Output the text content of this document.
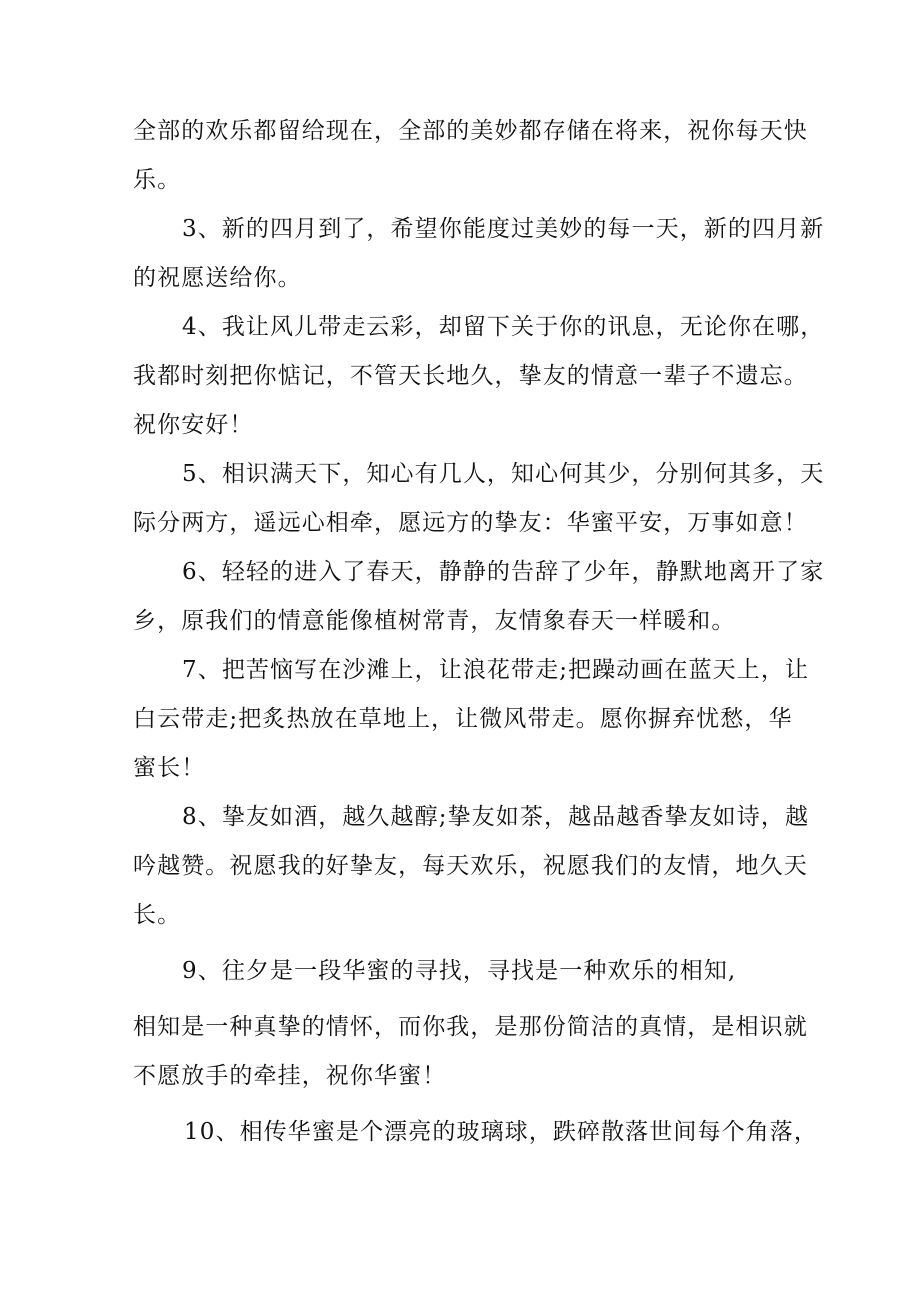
全部的欢乐都留给现在，全部的美妙都存储在将来，祝你每天快
乐。
3、新的四月到了，希望你能度过美妙的每一天，新的四月新
的祝愿送给你。
4、我让风儿带走云彩，却留下关于你的讯息，无论你在哪，
我都时刻把你惦记，不管天长地久，挚友的情意一辈子不遗忘。
祝你安好！
5、相识满天下，知心有几人，知心何其少，分别何其多，天
际分两方，遥远心相牵，愿远方的挚友：华蜜平安，万事如意！
6、轻轻的进入了春天，静静的告辞了少年，静默地离开了家
乡，原我们的情意能像植树常青，友情象春天一样暖和。
7、把苦恼写在沙滩上，让浪花带走;把躁动画在蓝天上，让
白云带走;把炙热放在草地上，让微风带走。愿你摒弃忧愁，华
蜜长！
8、挚友如酒，越久越醇;挚友如茶，越品越香挚友如诗，越
吟越赞。祝愿我的好挚友，每天欢乐，祝愿我们的友情，地久天
长。
9、往夕是一段华蜜的寻找，寻找是一种欢乐的相知,
相知是一种真挚的情怀，而你我，是那份简洁的真情，是相识就
不愿放手的牵挂，祝你华蜜！
10、相传华蜜是个漂亮的玻璃球，跌碎散落世间每个角落，
